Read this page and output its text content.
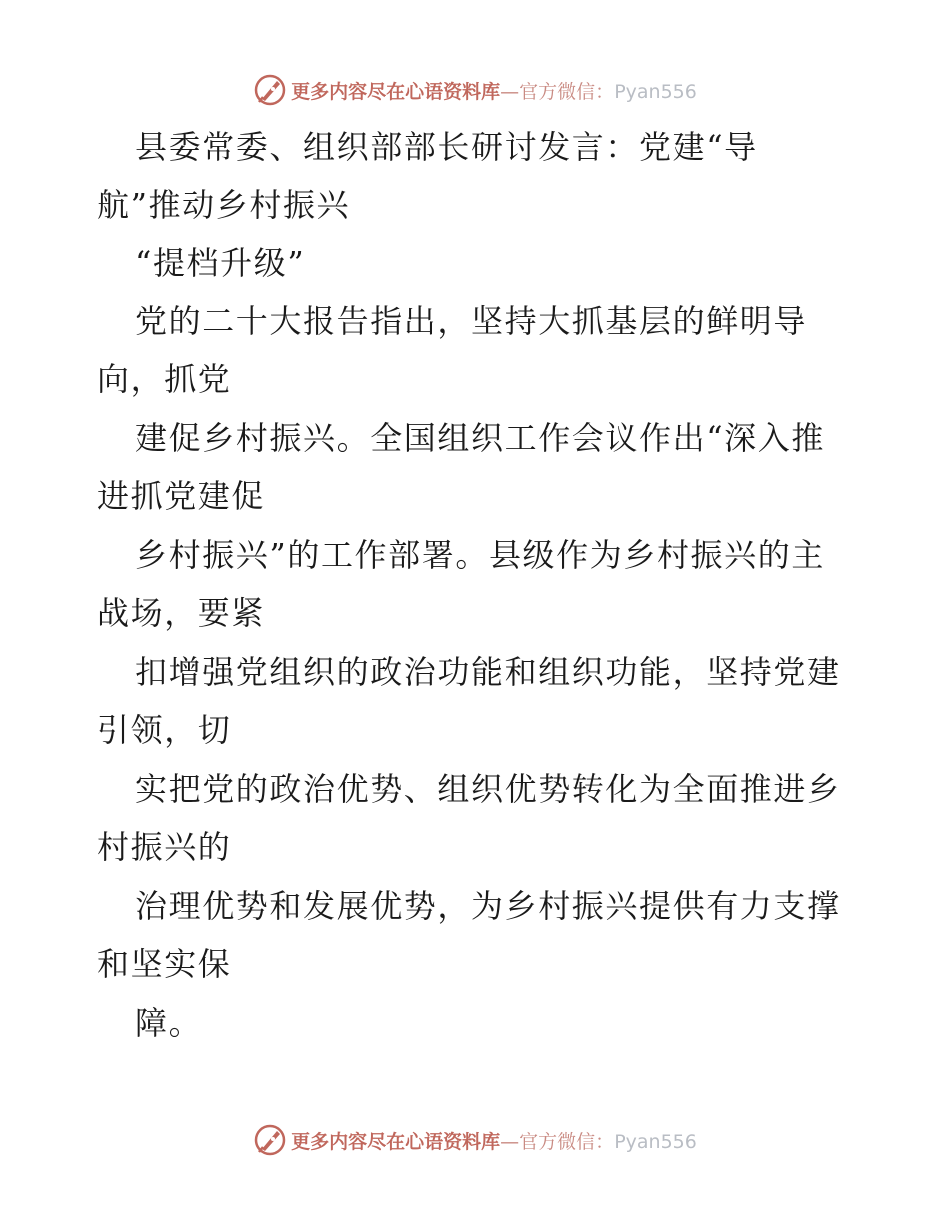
更多内容尽在心语资料库—官方微信：Pyan556
县委常委、组织部部长研讨发言：党建“导
航”推动乡村振兴
“提档升级”
党的二十大报告指出，坚持大抓基层的鲜明导
向，抓党
建促乡村振兴。全国组织工作会议作出“深入推
进抓党建促
乡村振兴”的工作部署。县级作为乡村振兴的主
战场，要紧
扣增强党组织的政治功能和组织功能，坚持党建
引领，切
实把党的政治优势、组织优势转化为全面推进乡
村振兴的
治理优势和发展优势，为乡村振兴提供有力支撑
和坚实保
障。
更多内容尽在心语资料库—官方微信：Pyan556
